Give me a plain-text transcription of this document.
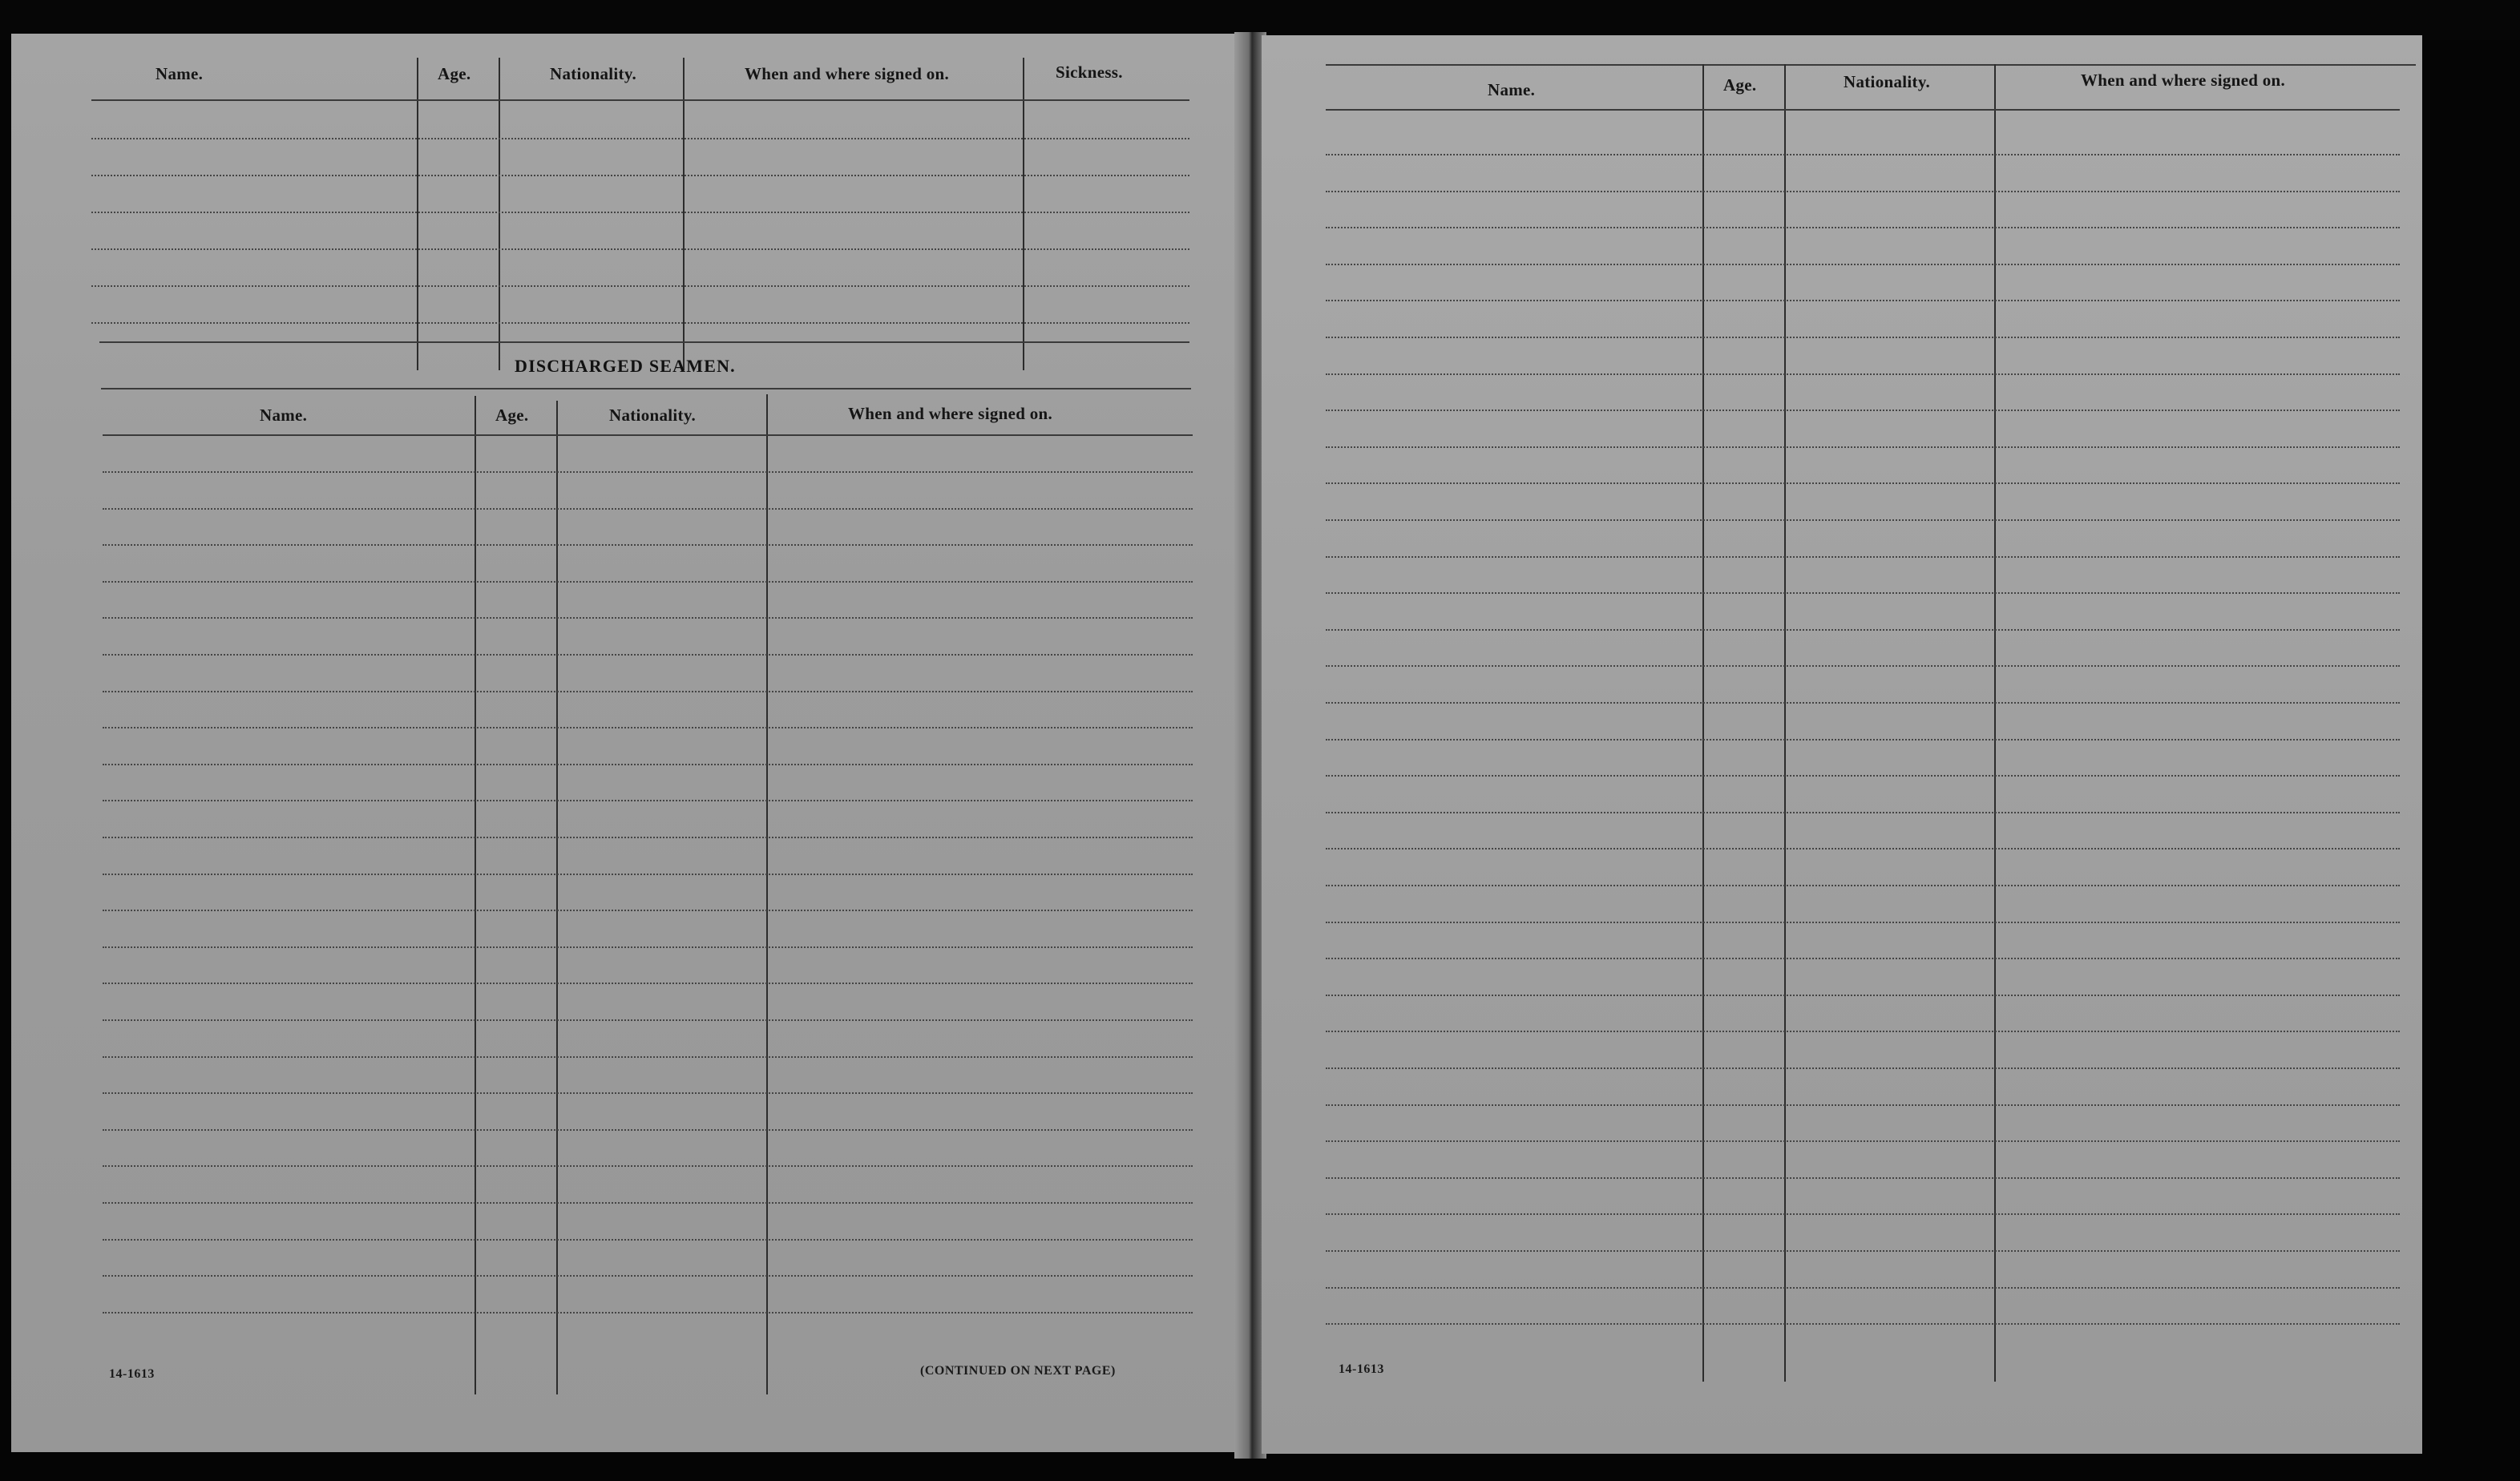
Name.	Age.	Nationality.	When and where signed on.	Sickness.
DISCHARGED SEAMEN.
Name.	Age.	Nationality.	When and where signed on.
14-1613	(CONTINUED ON NEXT PAGE)
Name.	Age.	Nationality.	When and where signed on.
14-1613
